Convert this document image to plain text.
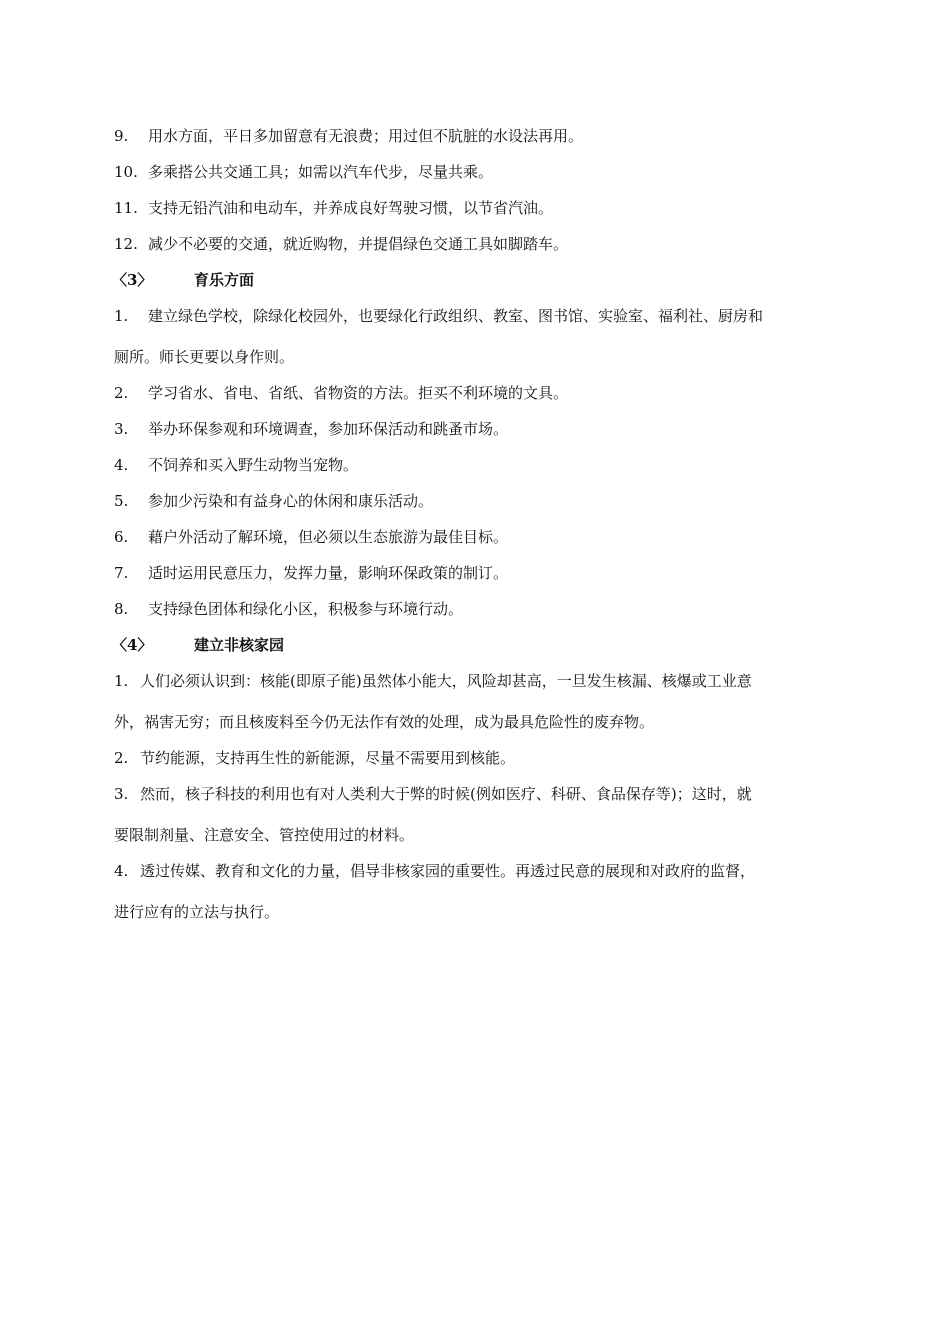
9. 用水方面，平日多加留意有无浪费；用过但不肮脏的水设法再用。
10. 多乘搭公共交通工具；如需以汽车代步，尽量共乘。
11. 支持无铅汽油和电动车，并养成良好驾驶习惯，以节省汽油。
12. 减少不必要的交通，就近购物，并提倡绿色交通工具如脚踏车。
〈3〉	育乐方面
1. 建立绿色学校，除绿化校园外，也要绿化行政组织、教室、图书馆、实验室、福利社、厨房和
厕所。师长更要以身作则。
2. 学习省水、省电、省纸、省物资的方法。拒买不利环境的文具。
3. 举办环保参观和环境调查，参加环保活动和跳蚤市场。
4. 不饲养和买入野生动物当宠物。
5. 参加少污染和有益身心的休闲和康乐活动。
6. 藉户外活动了解环境，但必须以生态旅游为最佳目标。
7. 适时运用民意压力，发挥力量，影响环保政策的制订。
8. 支持绿色团体和绿化小区，积极参与环境行动。
〈4〉	建立非核家园
1. 人们必须认识到：核能(即原子能)虽然体小能大，风险却甚高，一旦发生核漏、核爆或工业意
外，祸害无穷；而且核废料至今仍无法作有效的处理，成为最具危险性的废弃物。
2. 节约能源，支持再生性的新能源，尽量不需要用到核能。
3. 然而，核子科技的利用也有对人类利大于弊的时候(例如医疗、科研、食品保存等)；这时，就
要限制剂量、注意安全、管控使用过的材料。
4. 透过传媒、教育和文化的力量，倡导非核家园的重要性。再透过民意的展现和对政府的监督，
进行应有的立法与执行。
